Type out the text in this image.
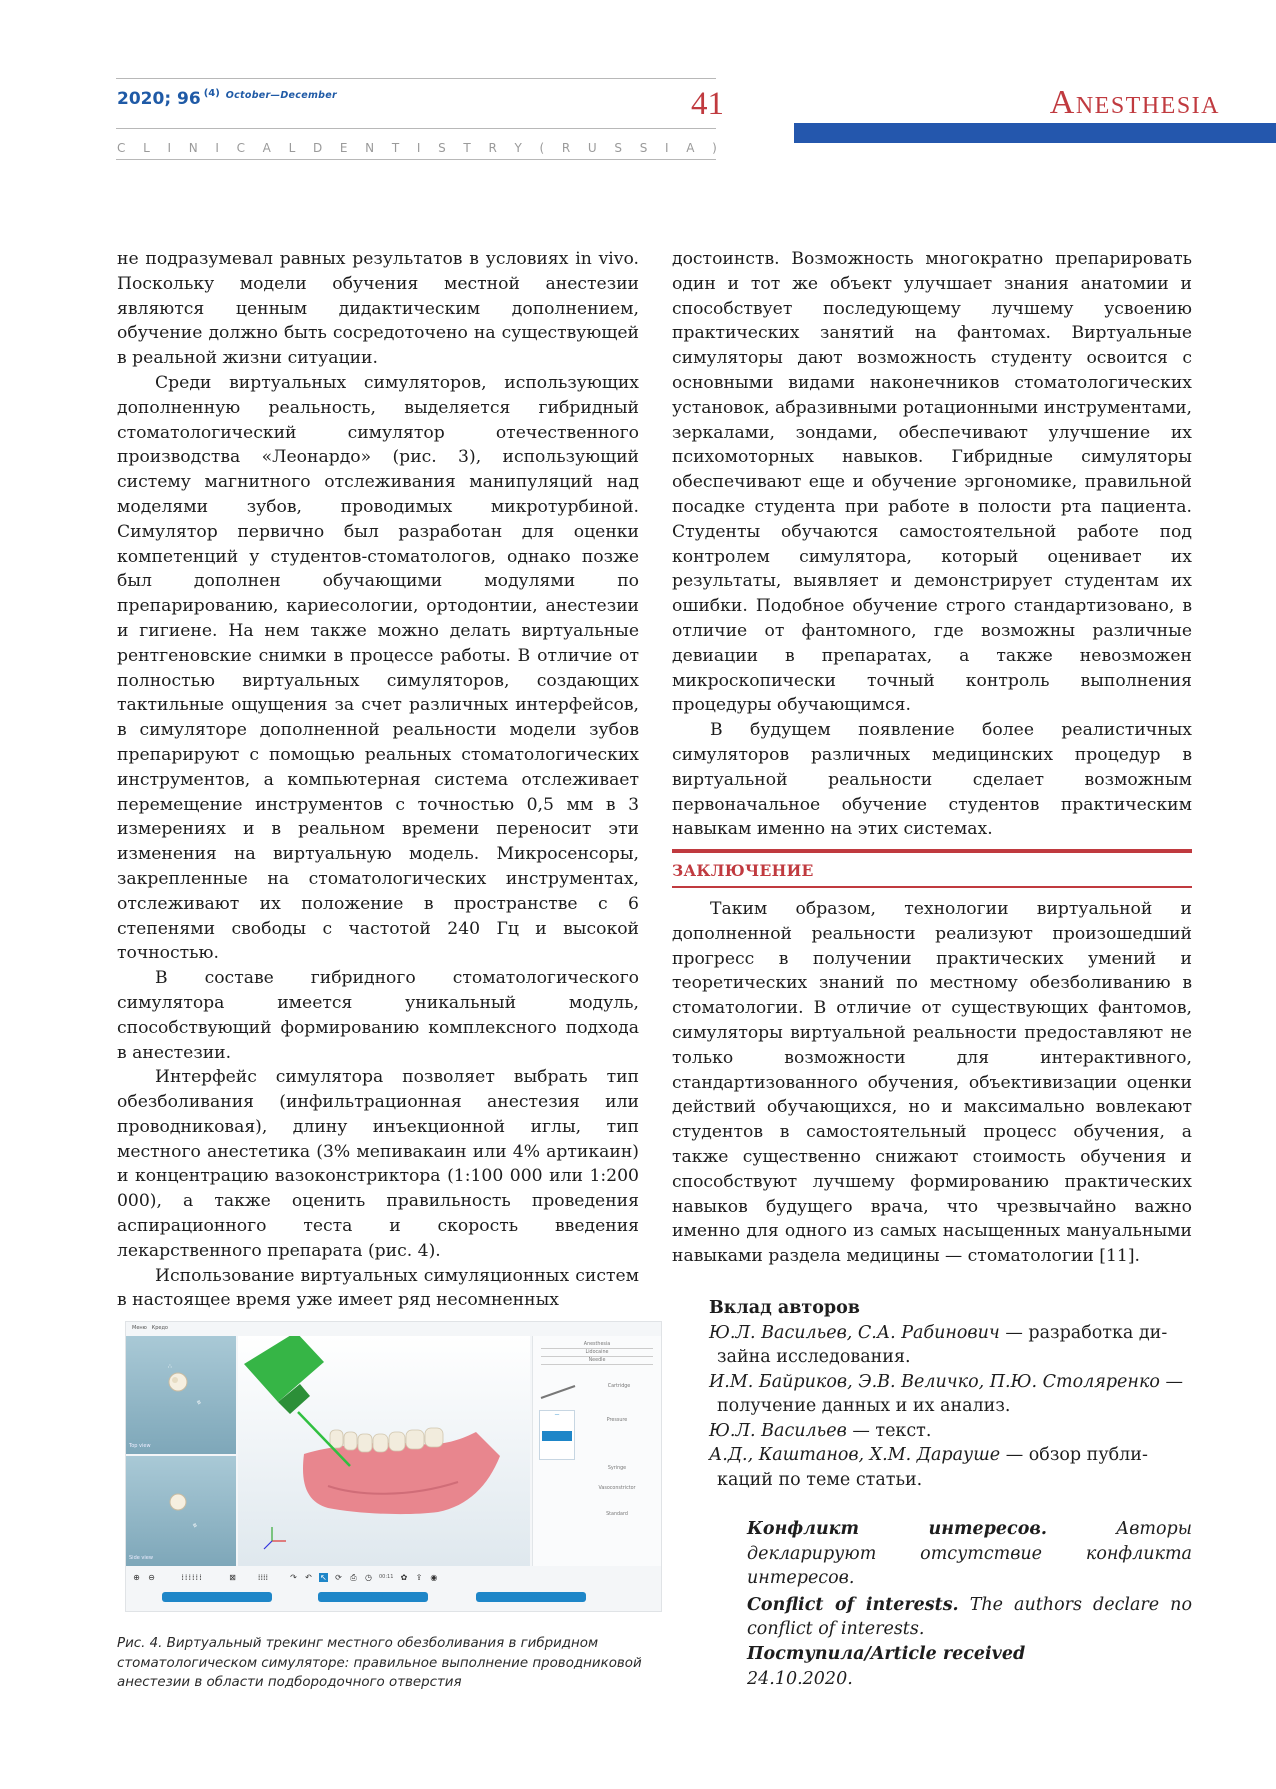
2020; 96 $^{(4)}$ $^{October—December}$	41
C L I N I C A L D E N T I S T R Y ( R U S S I A )
Anesthesia

не подразумевал равных результатов в условиях in vivo. Поскольку модели обучения местной анестезии являются ценным дидактическим дополнением, обучение должно быть сосредоточено на существующей в реальной жизни ситуации.

Среди виртуальных симуляторов, использующих дополненную реальность, выделяется гибридный стоматологический симулятор отечественного производства «Леонардо» (рис. 3), использующий систему магнитного отслеживания манипуляций над моделями зубов, проводимых микротурбиной. Симулятор первично был разработан для оценки компетенций у студентов-стоматологов, однако позже был дополнен обучающими модулями по препарированию, кариесологии, ортодонтии, анестезии и гигиене. На нем также можно делать виртуальные рентгеновские снимки в процессе работы. В отличие от полностью виртуальных симуляторов, создающих тактильные ощущения за счет различных интерфейсов, в симуляторе дополненной реальности модели зубов препарируют с помощью реальных стоматологических инструментов, а компьютерная система отслеживает перемещение инструментов с точностью 0,5 мм в 3 измерениях и в реальном времени переносит эти изменения на виртуальную модель. Микросенсоры, закрепленные на стоматологических инструментах, отслеживают их положение в пространстве с 6 степенями свободы с частотой 240 Гц и высокой точностью.

В составе гибридного стоматологического симулятора имеется уникальный модуль, способствующий формированию комплексного подхода в анестезии.

Интерфейс симулятора позволяет выбрать тип обезболивания (инфильтрационная анестезия или проводниковая), длину инъекционной иглы, тип местного анестетика (3% мепивакаин или 4% артикаин) и концентрацию вазоконстриктора (1:100 000 или 1:200 000), а также оценить правильность проведения аспирационного теста и скорость введения лекарственного препарата (рис. 4).

Использование виртуальных симуляционных систем в настоящее время уже имеет ряд несомненных

достоинств. Возможность многократно препарировать один и тот же объект улучшает знания анатомии и способствует последующему лучшему усвоению практических занятий на фантомах. Виртуальные симуляторы дают возможность студенту освоится с основными видами наконечников стоматологических установок, абразивными ротационными инструментами, зеркалами, зондами, обеспечивают улучшение их психомоторных навыков. Гибридные симуляторы обеспечивают еще и обучение эргономике, правильной посадке студента при работе в полости рта пациента. Студенты обучаются самостоятельной работе под контролем симулятора, который оценивает их результаты, выявляет и демонстрирует студентам их ошибки. Подобное обучение строго стандартизовано, в отличие от фантомного, где возможны различные девиации в препаратах, а также невозможен микроскопически точный контроль выполнения процедуры обучающимся.

В будущем появление более реалистичных симуляторов различных медицинских процедур в виртуальной реальности сделает возможным первоначальное обучение студентов практическим навыкам именно на этих системах.

ЗАКЛЮЧЕНИЕ

Таким образом, технологии виртуальной и дополненной реальности реализуют произошедший прогресс в получении практических умений и теоретических знаний по местному обезболиванию в стоматологии. В отличие от существующих фантомов, симуляторы виртуальной реальности предоставляют не только возможности для интерактивного, стандартизованного обучения, объективизации оценки действий обучающихся, но и максимально вовлекают студентов в самостоятельный процесс обучения, а также существенно снижают стоимость обучения и способствуют лучшему формированию практических навыков будущего врача, что чрезвычайно важно именно для одного из самых насыщенных мануальными навыками раздела медицины — стоматологии [11].

Вклад авторов
Ю.Л. Васильев, С.А. Рабинович — разработка ди-
зайна исследования.
И.М. Байриков, Э.В. Величко, П.Ю. Столяренко —
получение данных и их анализ.
Ю.Л. Васильев — текст.
А.Д., Каштанов, Х.М. Дарауше — обзор публи-
каций по теме статьи.
Конфликт интересов. Авторы декларируют отсутствие конфликта интересов.
Conflict of interests. The authors declare no conflict of interests.
Поступила/Article received
24.10.2020.
Меню Кредо
≡
∴
Top view
≡
Side view
Anesthesia
Lidocaine
Needle
Cartridge
—
Pressure
Syringe
Vasoconstrictor
Standard
⊕ ⊖	⁞⁞⁞⁞⁞⁞	⊠	⁞⁞⁞⁞	↷ ↶ ↖ ⟳ ⎙ ◷ 00:11 ✿ ⇪ ◉
Button 1	Button 2	Button 3
Рис. 4. Виртуальный трекинг местного обезболивания в гибридном стоматологическом симуляторе: правильное выполнение проводниковой анестезии в области подбородочного отверстия
